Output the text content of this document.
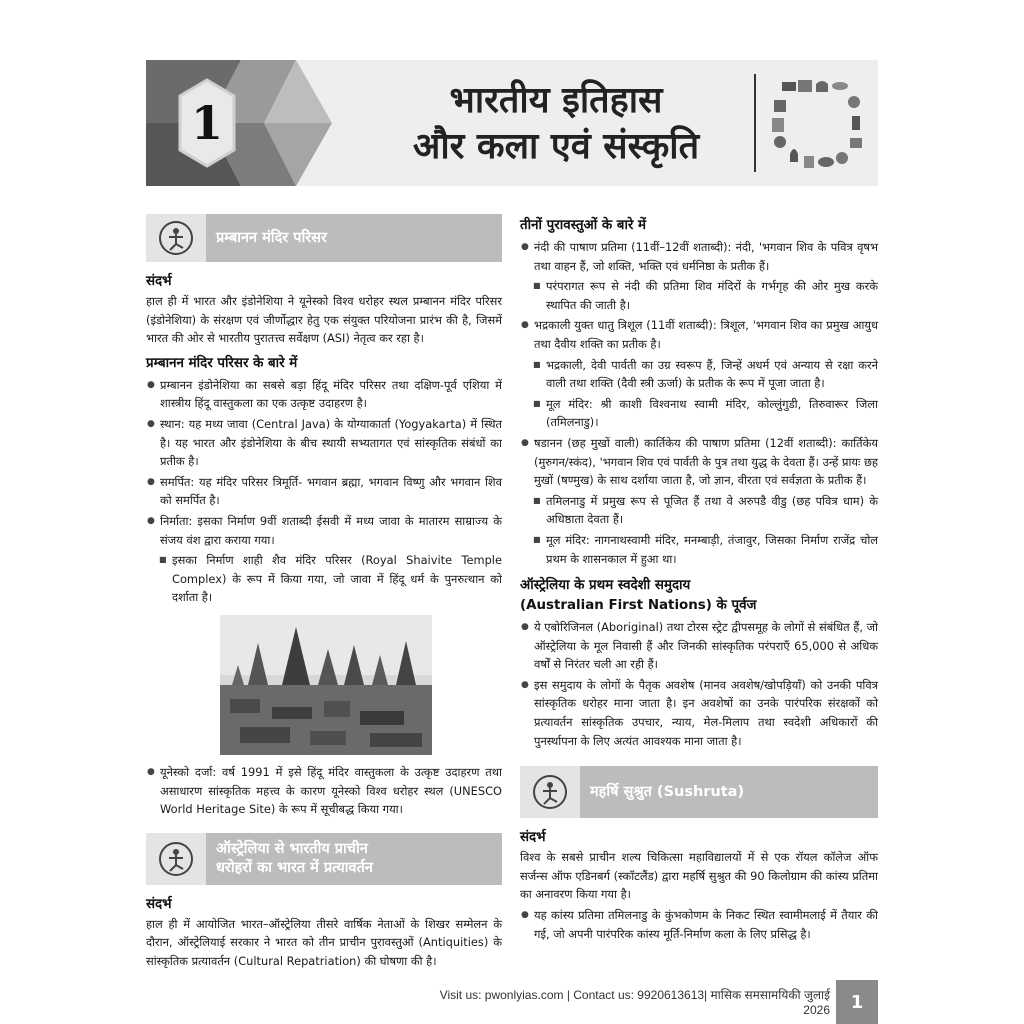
1	भारतीय इतिहास
और कला एवं संस्कृति
प्रम्बानन मंदिर परिसर
संदर्भ

हाल ही में भारत और इंडोनेशिया ने यूनेस्को विश्व धरोहर स्थल प्रम्बानन मंदिर परिसर (इंडोनेशिया) के संरक्षण एवं जीर्णोद्धार हेतु एक संयुक्त परियोजना प्रारंभ की है, जिसमें भारत की ओर से भारतीय पुरातत्त्व सर्वेक्षण (ASI) नेतृत्व कर रहा है।

प्रम्बानन मंदिर परिसर के बारे में
● प्रम्बानन इंडोनेशिया का सबसे बड़ा हिंदू मंदिर परिसर तथा दक्षिण-पूर्व एशिया में शास्त्रीय हिंदू वास्तुकला का एक उत्कृष्ट उदाहरण है।
● स्थान: यह मध्य जावा (Central Java) के योग्याकार्ता (Yogyakarta) में स्थित है। यह भारत और इंडोनेशिया के बीच स्थायी सभ्यतागत एवं सांस्कृतिक संबंधों का प्रतीक है।
● समर्पित: यह मंदिर परिसर त्रिमूर्ति- भगवान ब्रह्मा, भगवान विष्णु और भगवान शिव को समर्पित है।
● निर्माता: इसका निर्माण 9वीं शताब्दी ईसवी में मध्य जावा के मातारम साम्राज्य के संजय वंश द्वारा कराया गया।
■ इसका निर्माण शाही शैव मंदिर परिसर (Royal Shaivite Temple Complex) के रूप में किया गया, जो जावा में हिंदू धर्म के पुनरुत्थान को दर्शाता है।
● यूनेस्को दर्जा: वर्ष 1991 में इसे हिंदू मंदिर वास्तुकला के उत्कृष्ट उदाहरण तथा असाधारण सांस्कृतिक महत्त्व के कारण यूनेस्को विश्व धरोहर स्थल (UNESCO World Heritage Site) के रूप में सूचीबद्ध किया गया।
ऑस्ट्रेलिया से भारतीय प्राचीन
धरोहरों का भारत में प्रत्यावर्तन
संदर्भ

हाल ही में आयोजित भारत–ऑस्ट्रेलिया तीसरे वार्षिक नेताओं के शिखर सम्मेलन के दौरान, ऑस्ट्रेलियाई सरकार ने भारत को तीन प्राचीन पुरावस्तुओं (Antiquities) के सांस्कृतिक प्रत्यावर्तन (Cultural Repatriation) की घोषणा की है।

तीनों पुरावस्तुओं के बारे में
● नंदी की पाषाण प्रतिमा (11वीं–12वीं शताब्दी): नंदी, 'भगवान शिव के पवित्र वृषभ तथा वाहन हैं, जो शक्ति, भक्ति एवं धर्मनिष्ठा के प्रतीक हैं।
■ परंपरागत रूप से नंदी की प्रतिमा शिव मंदिरों के गर्भगृह की ओर मुख करके स्थापित की जाती है।
● भद्रकाली युक्त धातु त्रिशूल (11वीं शताब्दी): त्रिशूल, 'भगवान शिव का प्रमुख आयुध तथा दैवीय शक्ति का प्रतीक है।
■ भद्रकाली, देवी पार्वती का उग्र स्वरूप हैं, जिन्हें अधर्म एवं अन्याय से रक्षा करने वाली तथा शक्ति (दैवी स्त्री ऊर्जा) के प्रतीक के रूप में पूजा जाता है।
■ मूल मंदिर: श्री काशी विश्वनाथ स्वामी मंदिर, कोल्लुंगुडी, तिरुवारूर जिला (तमिलनाडु)।
● षडानन (छह मुखों वाली) कार्तिकेय की पाषाण प्रतिमा (12वीं शताब्दी): कार्तिकेय (मुरुगन/स्कंद), 'भगवान शिव एवं पार्वती के पुत्र तथा युद्ध के देवता हैं। उन्हें प्रायः छह मुखों (षण्मुख) के साथ दर्शाया जाता है, जो ज्ञान, वीरता एवं सर्वज्ञता के प्रतीक हैं।
■ तमिलनाडु में प्रमुख रूप से पूजित हैं तथा वे अरुपडै वीडु (छह पवित्र धाम) के अधिष्ठाता देवता हैं।
■ मूल मंदिर: नागनाथस्वामी मंदिर, मनम्बाड़ी, तंजावुर, जिसका निर्माण राजेंद्र चोल प्रथम के शासनकाल में हुआ था।
ऑस्ट्रेलिया के प्रथम स्वदेशी समुदाय
(Australian First Nations) के पूर्वज
● ये एबोरिजिनल (Aboriginal) तथा टोरस स्ट्रेट द्वीपसमूह के लोगों से संबंधित हैं, जो ऑस्ट्रेलिया के मूल निवासी हैं और जिनकी सांस्कृतिक परंपराएँ 65,000 से अधिक वर्षों से निरंतर चली आ रही हैं।
● इस समुदाय के लोगों के पैतृक अवशेष (मानव अवशेष/खोपड़ियाँ) को उनकी पवित्र सांस्कृतिक धरोहर माना जाता है। इन अवशेषों का उनके पारंपरिक संरक्षकों को प्रत्यावर्तन सांस्कृतिक उपचार, न्याय, मेल-मिलाप तथा स्वदेशी अधिकारों की पुनर्स्थापना के लिए अत्यंत आवश्यक माना जाता है।
महर्षि सुश्रुत (Sushruta)
संदर्भ

विश्व के सबसे प्राचीन शल्य चिकित्सा महाविद्यालयों में से एक रॉयल कॉलेज ऑफ सर्जन्स ऑफ एडिनबर्ग (स्कॉटलैंड) द्वारा महर्षि सुश्रुत की 90 किलोग्राम की कांस्य प्रतिमा का अनावरण किया गया है।

● यह कांस्य प्रतिमा तमिलनाडु के कुंभकोणम के निकट स्थित स्वामीमलाई में तैयार की गई, जो अपनी पारंपरिक कांस्य मूर्ति-निर्माण कला के लिए प्रसिद्ध है।
Visit us: pwonlyias.com | Contact us: 9920613613| मासिक समसामयिकी जुलाई 2026	1
